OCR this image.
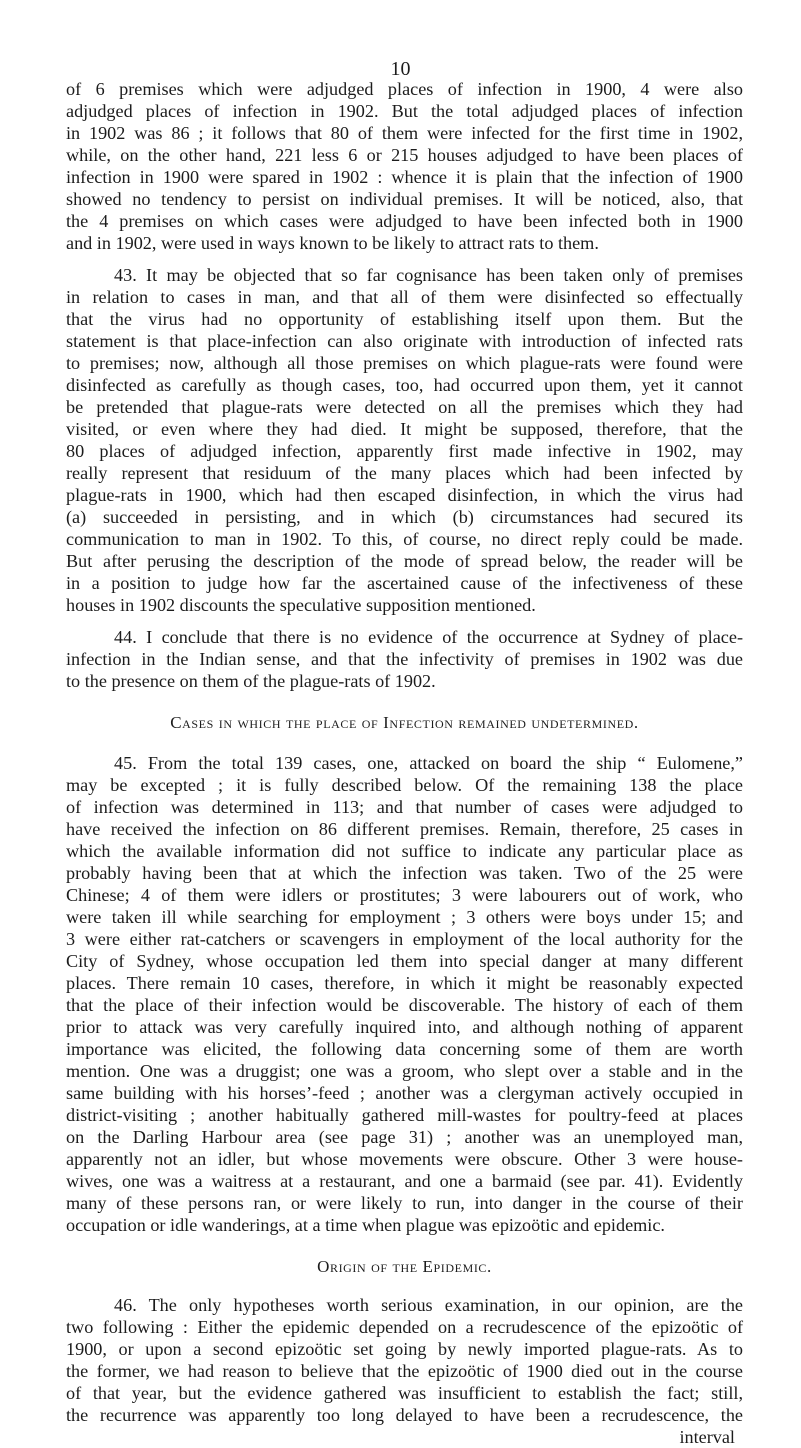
10
of 6 premises which were adjudged places of infection in 1900, 4 were also
adjudged places of infection in 1902. But the total adjudged places of infection
in 1902 was 86 ; it follows that 80 of them were infected for the first time in 1902,
while, on the other hand, 221 less 6 or 215 houses adjudged to have been places of
infection in 1900 were spared in 1902 : whence it is plain that the infection of 1900
showed no tendency to persist on individual premises. It will be noticed, also, that
the 4 premises on which cases were adjudged to have been infected both in 1900
and in 1902, were used in ways known to be likely to attract rats to them.
43. It may be objected that so far cognisance has been taken only of premises
in relation to cases in man, and that all of them were disinfected so effectually
that the virus had no opportunity of establishing itself upon them. But the
statement is that place-infection can also originate with introduction of infected rats
to premises; now, although all those premises on which plague-rats were found were
disinfected as carefully as though cases, too, had occurred upon them, yet it cannot
be pretended that plague-rats were detected on all the premises which they had
visited, or even where they had died. It might be supposed, therefore, that the
80 places of adjudged infection, apparently first made infective in 1902, may
really represent that residuum of the many places which had been infected by
plague-rats in 1900, which had then escaped disinfection, in which the virus had
(a) succeeded in persisting, and in which (b) circumstances had secured its
communication to man in 1902. To this, of course, no direct reply could be made.
But after perusing the description of the mode of spread below, the reader will be
in a position to judge how far the ascertained cause of the infectiveness of these
houses in 1902 discounts the speculative supposition mentioned.
44. I conclude that there is no evidence of the occurrence at Sydney of place-
infection in the Indian sense, and that the infectivity of premises in 1902 was due
to the presence on them of the plague-rats of 1902.
Cases in which the place of Infection remained undetermined.
45. From the total 139 cases, one, attacked on board the ship “ Eulomene,”
may be excepted ; it is fully described below. Of the remaining 138 the place
of infection was determined in 113; and that number of cases were adjudged to
have received the infection on 86 different premises. Remain, therefore, 25 cases in
which the available information did not suffice to indicate any particular place as
probably having been that at which the infection was taken. Two of the 25 were
Chinese; 4 of them were idlers or prostitutes; 3 were labourers out of work, who
were taken ill while searching for employment ; 3 others were boys under 15; and
3 were either rat-catchers or scavengers in employment of the local authority for the
City of Sydney, whose occupation led them into special danger at many different
places. There remain 10 cases, therefore, in which it might be reasonably expected
that the place of their infection would be discoverable. The history of each of them
prior to attack was very carefully inquired into, and although nothing of apparent
importance was elicited, the following data concerning some of them are worth
mention. One was a druggist; one was a groom, who slept over a stable and in the
same building with his horses’-feed ; another was a clergyman actively occupied in
district-visiting ; another habitually gathered mill-wastes for poultry-feed at places
on the Darling Harbour area (see page 31) ; another was an unemployed man,
apparently not an idler, but whose movements were obscure. Other 3 were house-
wives, one was a waitress at a restaurant, and one a barmaid (see par. 41). Evidently
many of these persons ran, or were likely to run, into danger in the course of their
occupation or idle wanderings, at a time when plague was epizoötic and epidemic.
Origin of the Epidemic.
46. The only hypotheses worth serious examination, in our opinion, are the
two following : Either the epidemic depended on a recrudescence of the epizoötic of
1900, or upon a second epizoötic set going by newly imported plague-rats. As to
the former, we had reason to believe that the epizoötic of 1900 died out in the course
of that year, but the evidence gathered was insufficient to establish the fact; still,
the recurrence was apparently too long delayed to have been a recrudescence, the
interval
